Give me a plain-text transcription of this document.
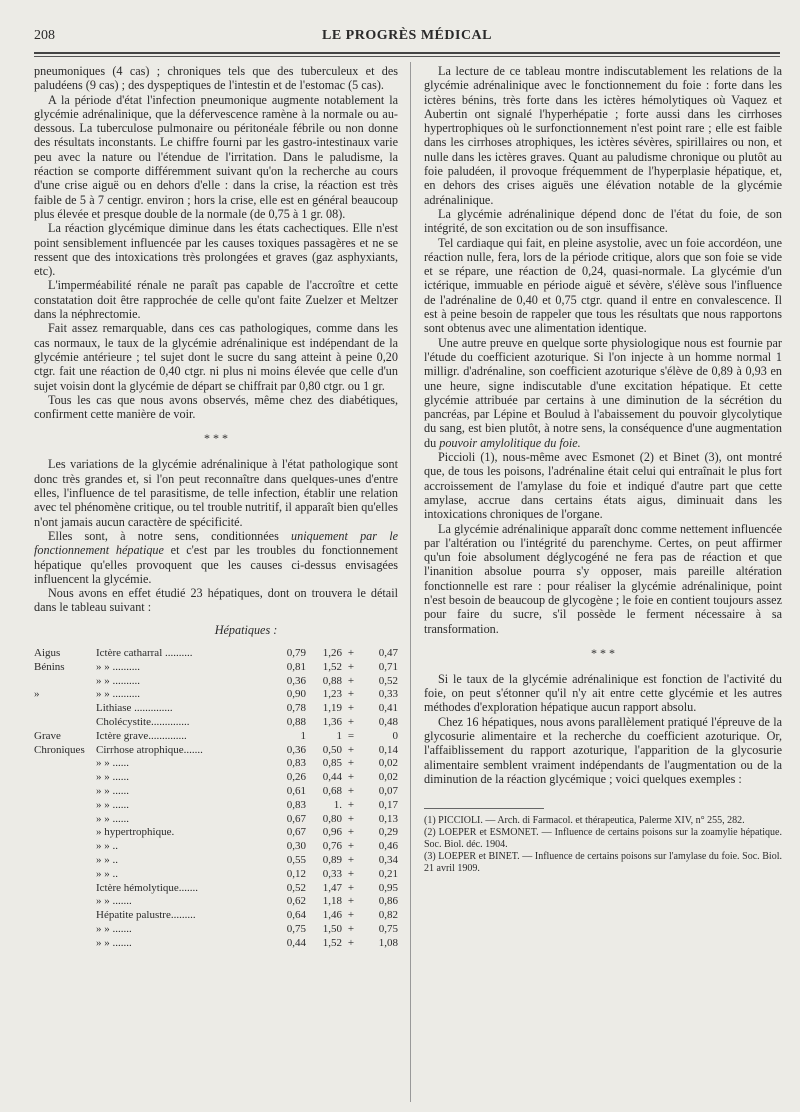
208	LE PROGRÈS MÉDICAL

pneumoniques (4 cas) ; chroniques tels que des tuberculeux et des paludéens (9 cas) ; des dyspeptiques de l'intestin et de l'estomac (5 cas).

A la période d'état l'infection pneumonique augmente notablement la glycémie adrénalinique, que la défervescence ramène à la normale ou au-dessous. La tuberculose pulmonaire ou péritonéale fébrile ou non donne des résultats inconstants. Le chiffre fourni par les gastro-intestinaux varie peu avec la nature ou l'étendue de l'irritation. Dans le paludisme, la réaction se comporte différemment suivant qu'on la recherche au cours d'une crise aiguë ou en dehors d'elle : dans la crise, la réaction est très faible de 5 à 7 centigr. environ ; hors la crise, elle est en général beaucoup plus élevée et presque double de la normale (de 0,75 à 1 gr. 08).

La réaction glycémique diminue dans les états cachectiques. Elle n'est point sensiblement influencée par les causes toxiques passagères et ne se ressent que des intoxications très prolongées et graves (gaz asphyxiants, etc).

L'imperméabilité rénale ne paraît pas capable de l'accroître et cette constatation doit être rapprochée de celle qu'ont faite Zuelzer et Meltzer dans la néphrectomie.

Fait assez remarquable, dans ces cas pathologiques, comme dans les cas normaux, le taux de la glycémie adrénalinique est indépendant de la glycémie antérieure ; tel sujet dont le sucre du sang atteint à peine 0,20 ctgr. fait une réaction de 0,40 ctgr. ni plus ni moins élevée que celle d'un sujet voisin dont la glycémie de départ se chiffrait par 0,80 ctgr. ou 1 gr.

Tous les cas que nous avons observés, même chez des diabétiques, confirment cette manière de voir.

* * *

Les variations de la glycémie adrénalinique à l'état pathologique sont donc très grandes et, si l'on peut reconnaître dans quelques-unes d'entre elles, l'influence de tel parasitisme, de telle infection, établir une relation avec tel phénomène critique, ou tel trouble nutritif, il apparaît bien qu'elles n'ont jamais aucun caractère de spécificité.

Elles sont, à notre sens, conditionnées uniquement par le fonctionnement hépatique et c'est par les troubles du fonctionnement hépatique qu'elles provoquent que les causes ci-dessus envisagées influencent la glycémie.

Nous avons en effet étudié 23 hépatiques, dont on trouvera le détail dans le tableau suivant :

Hépatiques :
Aigus	Ictère catharral ..........	0,79	1,26	+	0,47
Bénins	» » ..........	0,81	1,52	+	0,71
	» » ..........	0,36	0,88	+	0,52
»	» » ..........	0,90	1,23	+	0,33
	Lithiase ..............	0,78	1,19	+	0,41
	Cholécystite..............	0,88	1,36	+	0,48
Grave	Ictère grave..............	1	1	=	0
Chroniques	Cirrhose atrophique.......	0,36	0,50	+	0,14
	» » ......	0,83	0,85	+	0,02
	» » ......	0,26	0,44	+	0,02
	» » ......	0,61	0,68	+	0,07
	» » ......	0,83	1.	+	0,17
	» » ......	0,67	0,80	+	0,13
	» hypertrophique.	0,67	0,96	+	0,29
	» » ..	0,30	0,76	+	0,46
	» » ..	0,55	0,89	+	0,34
	» » ..	0,12	0,33	+	0,21
	Ictère hémolytique.......	0,52	1,47	+	0,95
	» » .......	0,62	1,18	+	0,86
	Hépatite palustre.........	0,64	1,46	+	0,82
	» » .......	0,75	1,50	+	0,75
	» » .......	0,44	1,52	+	1,08

La lecture de ce tableau montre indiscutablement les relations de la glycémie adrénalinique avec le fonctionnement du foie : forte dans les ictères bénins, très forte dans les ictères hémolytiques où Vaquez et Aubertin ont signalé l'hyperhépatie ; forte aussi dans les cirrhoses hypertrophiques où le surfonctionnement n'est point rare ; elle est faible dans les cirrhoses atrophiques, les ictères sévères, spirillaires ou non, et nulle dans les ictères graves. Quant au paludisme chronique ou plutôt au foie paludéen, il provoque fréquemment de l'hyperplasie hépatique, et, en dehors des crises aiguës une élévation notable de la glycémie adrénalinique.

La glycémie adrénalinique dépend donc de l'état du foie, de son intégrité, de son excitation ou de son insuffisance.

Tel cardiaque qui fait, en pleine asystolie, avec un foie accordéon, une réaction nulle, fera, lors de la période critique, alors que son foie se vide et se répare, une réaction de 0,24, quasi-normale. La glycémie d'un ictérique, immuable en période aiguë et sévère, s'élève sous l'influence de l'adrénaline de 0,40 et 0,75 ctgr. quand il entre en convalescence. Il est à peine besoin de rappeler que tous les résultats que nous rapportons sont obtenus avec une alimentation identique.

Une autre preuve en quelque sorte physiologique nous est fournie par l'étude du coefficient azoturique. Si l'on injecte à un homme normal 1 milligr. d'adrénaline, son coefficient azoturique s'élève de 0,89 à 0,93 en une heure, signe indiscutable d'une excitation hépatique. Et cette glycémie attribuée par certains à une diminution de la sécrétion du pancréas, par Lépine et Boulud à l'abaissement du pouvoir glycolytique du sang, est bien plutôt, à notre sens, la conséquence d'une augmentation du pouvoir amylolitique du foie.

Piccioli (1), nous-même avec Esmonet (2) et Binet (3), ont montré que, de tous les poisons, l'adrénaline était celui qui entraînait le plus fort accroissement de l'amylase du foie et indiqué d'autre part que cette amylase, accrue dans certains états aigus, diminuait dans les intoxications chroniques de l'organe.

La glycémie adrénalinique apparaît donc comme nettement influencée par l'altération ou l'intégrité du parenchyme. Certes, on peut affirmer qu'un foie absolument déglycogéné ne fera pas de réaction et que l'inanition absolue pourra s'y opposer, mais pareille altération fonctionnelle est rare : pour réaliser la glycémie adrénalinique, point n'est besoin de beaucoup de glycogène ; le foie en contient toujours assez pour faire du sucre, s'il possède le ferment nécessaire à sa transformation.

* * *

Si le taux de la glycémie adrénalinique est fonction de l'activité du foie, on peut s'étonner qu'il n'y ait entre cette glycémie et les autres méthodes d'exploration hépatique aucun rapport absolu.

Chez 16 hépatiques, nous avons parallèlement pratiqué l'épreuve de la glycosurie alimentaire et la recherche du coefficient azoturique. Or, l'affaiblissement du rapport azoturique, l'apparition de la glycosurie alimentaire semblent vraiment indépendants de l'augmentation ou de la diminution de la réaction glycémique ; voici quelques exemples :

(1) PICCIOLI. — Arch. di Farmacol. et thérapeutica, Palerme XIV, n° 255, 282.

(2) LOEPER et ESMONET. — Influence de certains poisons sur la zoamylie hépatique. Soc. Biol. déc. 1904.

(3) LOEPER et BINET. — Influence de certains poisons sur l'amylase du foie. Soc. Biol. 21 avril 1909.
